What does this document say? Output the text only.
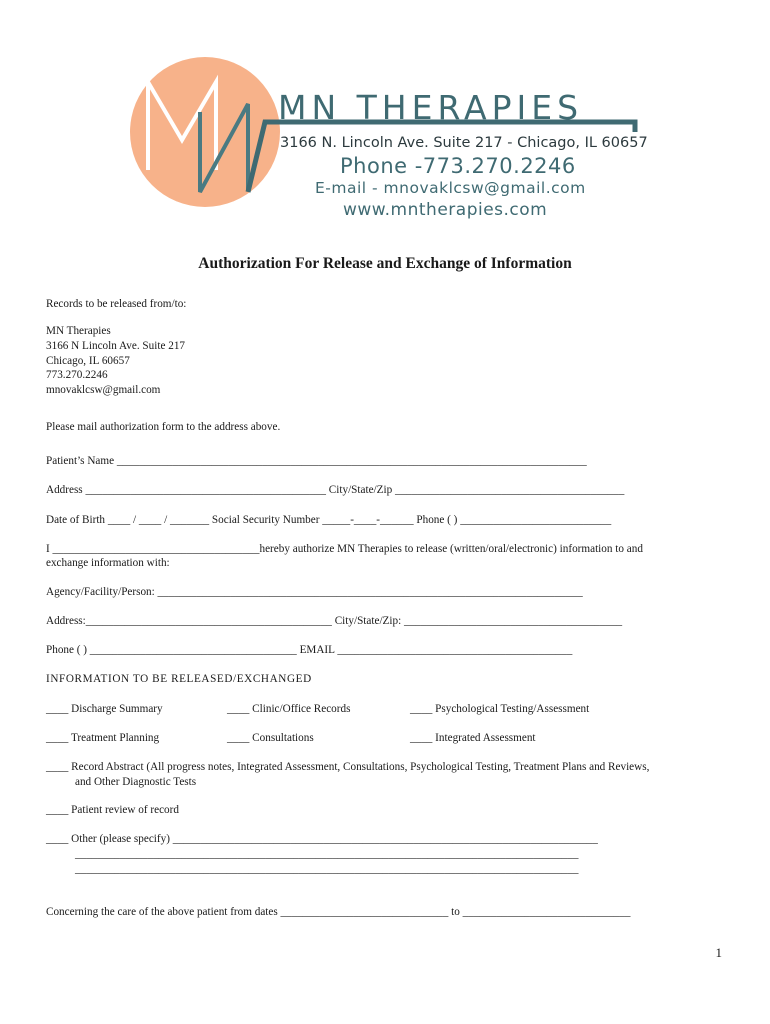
MN THERAPIES
3166 N. Lincoln Ave. Suite 217 - Chicago, IL 60657
Phone -773.270.2246
E-mail - mnovaklcsw@gmail.com
www.mntherapies.com
Authorization For Release and Exchange of Information
Records to be released from/to:
MN Therapies
3166 N Lincoln Ave. Suite 217
Chicago, IL 60657
773.270.2246
mnovaklcsw@gmail.com
Please mail authorization form to the address above.
Patient’s Name ____________________________________________________________________________________
Address ___________________________________________ City/State/Zip _________________________________________
Date of Birth ____ / ____ / _______ Social Security Number _____-____-______ Phone ( ) ___________________________
I _____________________________________hereby authorize MN Therapies to release (written/oral/electronic) information to and
exchange information with:
Agency/Facility/Person: ____________________________________________________________________________
Address:____________________________________________ City/State/Zip: _______________________________________
Phone ( ) _____________________________________ EMAIL __________________________________________
INFORMATION TO BE RELEASED/EXCHANGED
____ Discharge Summary	____ Clinic/Office Records	____ Psychological Testing/Assessment
____ Treatment Planning	____ Consultations	____ Integrated Assessment
____ Record Abstract (All progress notes, Integrated Assessment, Consultations, Psychological Testing, Treatment Plans and Reviews,
and Other Diagnostic Tests
____ Patient review of record
____ Other (please specify) ____________________________________________________________________________
__________________________________________________________________________________________
__________________________________________________________________________________________
Concerning the care of the above patient from dates ______________________________ to ______________________________
1
